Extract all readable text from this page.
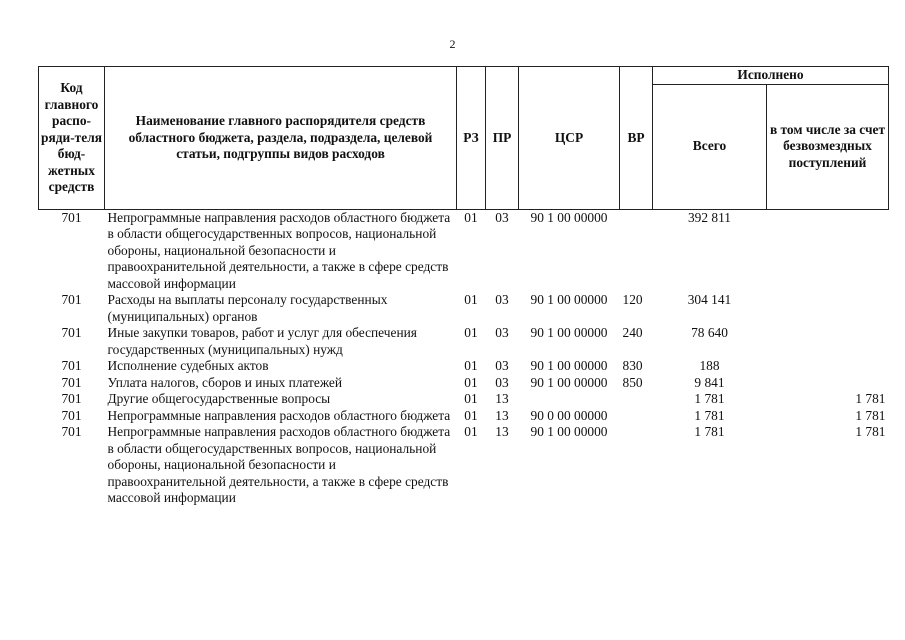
2
Код главного распо-ряди-теля бюд-жетных средств	Наименование главного распорядителя средств областного бюджета, раздела, подраздела, целевой статьи, подгруппы видов расходов	РЗ	ПР	ЦСР	ВР	Исполнено	
						Всего	в том числе за счет безвозмездных поступлений
701	Непрограммные направления расходов областного бюджета в области общегосударственных вопросов, национальной обороны, национальной безопасности и правоохранительной деятельности, а также в сфере средств массовой информации	01	03	90 1 00 00000		392 811	
701	Расходы на выплаты персоналу государственных (муниципальных) органов	01	03	90 1 00 00000	120	304 141	
701	Иные закупки товаров, работ и услуг для обеспечения государственных (муниципальных) нужд	01	03	90 1 00 00000	240	78 640	
701	Исполнение судебных актов	01	03	90 1 00 00000	830	188	
701	Уплата налогов, сборов и иных платежей	01	03	90 1 00 00000	850	9 841	
701	Другие общегосударственные вопросы	01	13			1 781	1 781
701	Непрограммные направления расходов областного бюджета	01	13	90 0 00 00000		1 781	1 781
701	Непрограммные направления расходов областного бюджета в области общегосударственных вопросов, национальной обороны, национальной безопасности и правоохранительной деятельности, а также в сфере средств массовой информации	01	13	90 1 00 00000		1 781	1 781
